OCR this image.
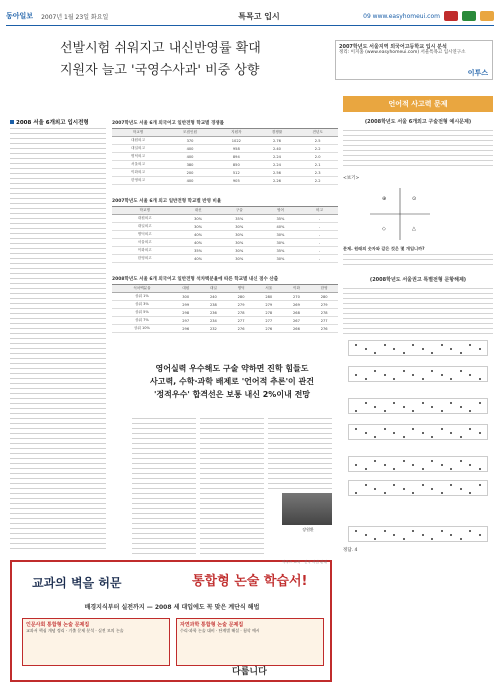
동아일보 2007년 1월 23일 화요일	특목고 입시	09 www.easyhomeui.com
선발시험 쉬워지고 내신반영률 확대
지원자 늘고 '국영수사과' 비중 상향
2007학년도 서울지역 외국어고등학교 입시 분석
정리: 이지홈 (www.easyhomeui.com) 서울특목고 입시연구소
이투스
2008 서울 6개외고 입시전형	2007학년도 서울 6개 외국어고 일반전형 학교별 경쟁률
학교명	모집인원	지원자	경쟁률	전년도
대원외고	370	1022	2.76	2.5
대일외고	400	958	2.40	2.2
명덕외고	400	894	2.24	2.0
서울외고	380	850	2.24	2.1
이화외고	200	512	2.56	2.3
한영외고	400	905	2.26	2.2
2007학년도 서울 6개 외고 일반전형 학교별 반영 비율
학교명	내신	구술	영어	비고
대원외고	30%	35%	35%	-
대일외고	30%	30%	40%	-
명덕외고	40%	30%	30%	-
서울외고	40%	30%	30%	-
이화외고	35%	30%	35%	-
한영외고	40%	30%	30%	-
2008학년도 서울 6개 외국어고 일반전형 석차백분율에 따른 학교별 내신 점수 산출
석차백분율	대원	대일	명덕	서울	이화	한영
상위 1%	300	240	280	280	270	280
상위 3%	299	238	279	279	269	279
상위 5%	298	236	278	278	268	278
상위 7%	297	234	277	277	267	277
상위 10%	296	232	276	276	266	276
영어실력 우수해도 구술 약하면 진학 힘들도
사고력, 수학·과학 배제로 '언어적 추론'이 관건
'정적우수' 합격선은 보통 내신 2%이내 전망
장원환
언어적 사고력 문제
(2008학년도 서울 6개외고 구술전형 예시문제)
<보기>
⊕	⊙
◇	△
문제. 원래의 숫자와 같은 것은 몇 개입니까?
(2008학년도 서울권고 특별전형 문항해제)
정답. 4
이투스 교육 · 전국 서점 판매
교과의 벽을 허문	통합형 논술 학습서!
배경지식부터 실전까지 — 2008 세 대입에도 꼭 맞은 계단식 해법
인문사회 통합형 논술 문제집
교과서 핵심 개념 정리 · 기출 문제 분석 · 실전 모의 논술
자연과학 통합형 논술 문제집
수리·과학 논술 대비 · 단계별 해설 · 첨삭 예시
다룹니다
